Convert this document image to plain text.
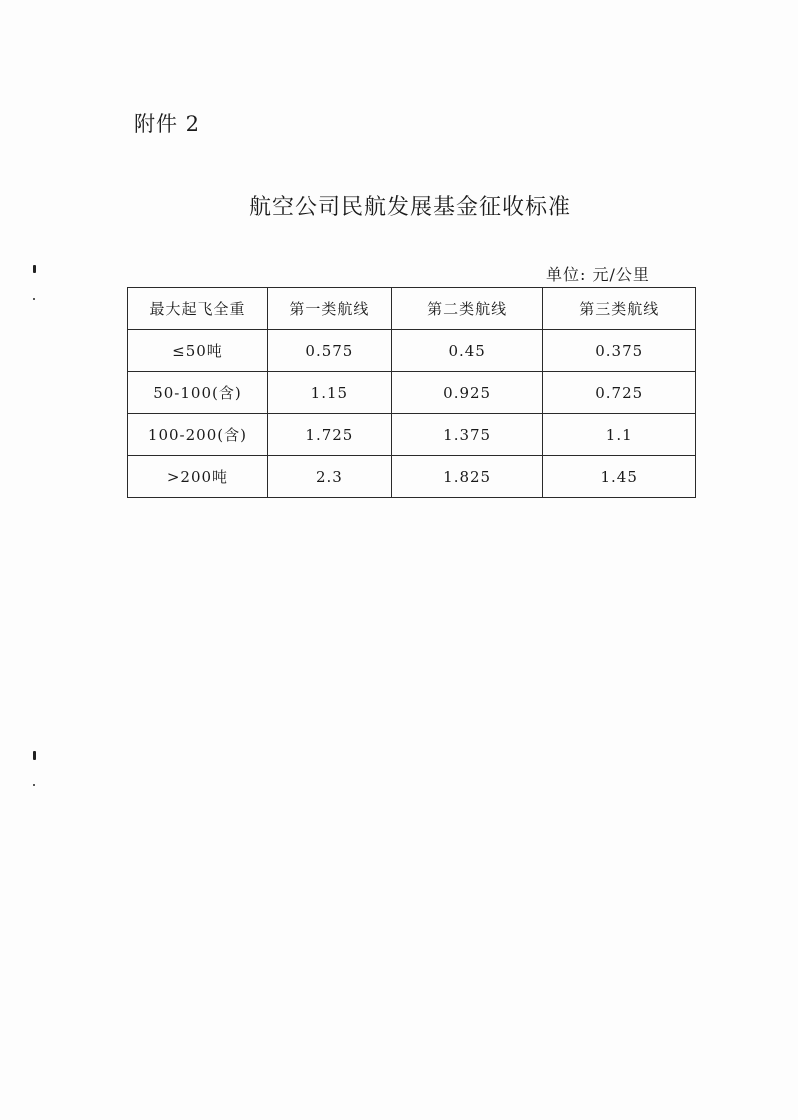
附件 2
航空公司民航发展基金征收标准
单位: 元/公里
最大起飞全重	第一类航线	第二类航线	第三类航线
≤50吨	0.575	0.45	0.375
50-100(含)	1.15	0.925	0.725
100-200(含)	1.725	1.375	1.1
>200吨	2.3	1.825	1.45
